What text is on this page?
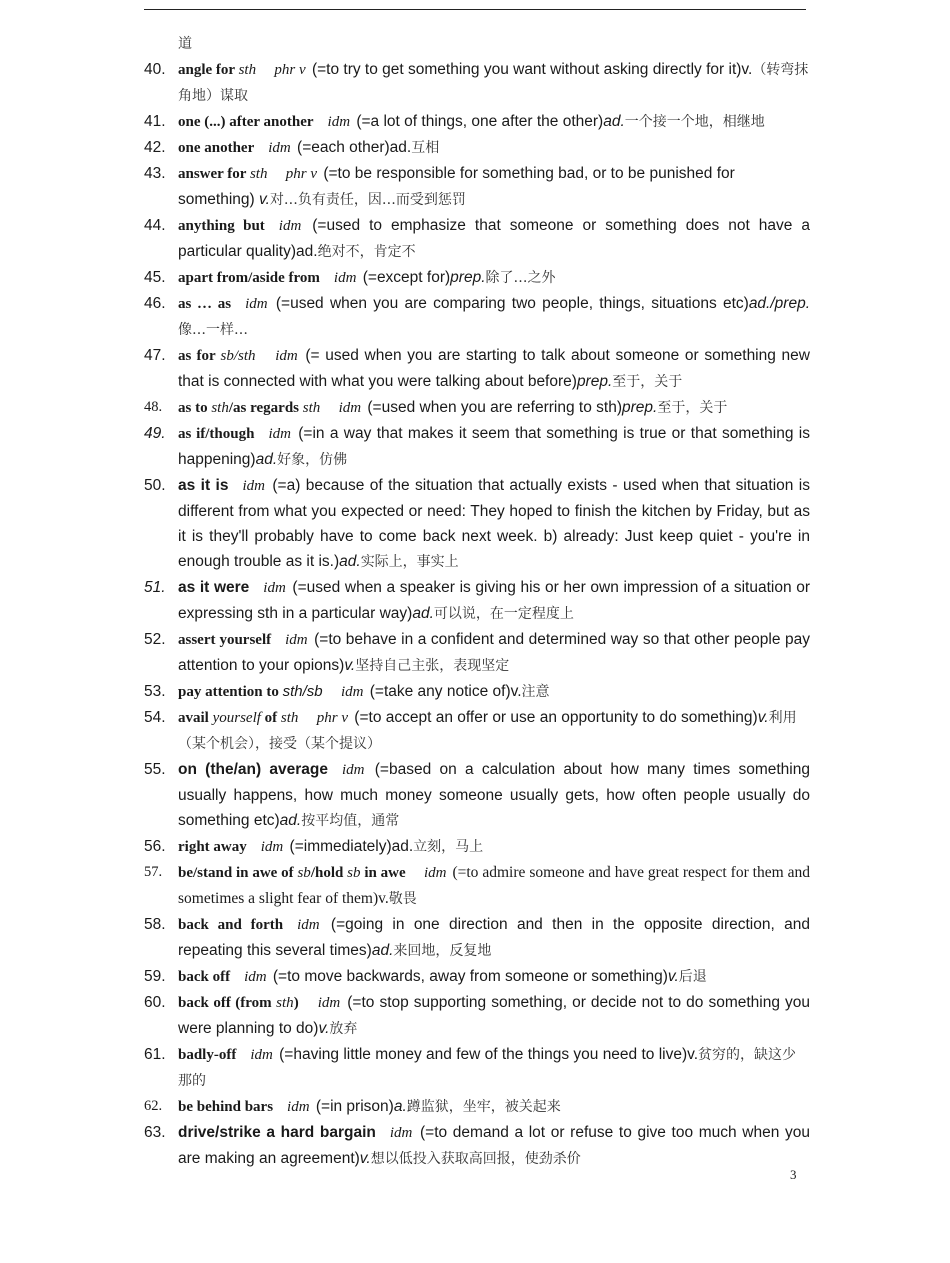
道
40. angle for sth phr v (=to try to get something you want without asking directly for it)v.（转弯抹角地）谋取
41. one (...) after another idm (=a lot of things, one after the other)ad.一个接一个地，相继地
42. one another idm (=each other)ad.互相
43. answer for sth phr v (=to be responsible for something bad, or to be punished for something) v.对…负有责任，因…而受到惩罚
44. anything but idm (=used to emphasize that someone or something does not have a particular quality)ad.绝对不，肯定不
45. apart from/aside from idm (=except for)prep.除了…之外
46. as … as idm (=used when you are comparing two people, things, situations etc)ad./prep.像…一样…
47. as for sb/sth idm (= used when you are starting to talk about someone or something new that is connected with what you were talking about before)prep.至于，关于
48.	as to sth/as regards sth idm (=used when you are referring to sth)prep.至于，关于
49. as if/though idm (=in a way that makes it seem that something is true or that something is happening)ad.好象，仿佛
50. as it is idm (=a) because of the situation that actually exists - used when that situation is different from what you expected or need: They hoped to finish the kitchen by Friday, but as it is they'll probably have to come back next week. b) already: Just keep quiet - you're in enough trouble as it is.)ad.实际上，事实上
51. as it were idm (=used when a speaker is giving his or her own impression of a situation or expressing sth in a particular way)ad.可以说，在一定程度上
52. assert yourself idm (=to behave in a confident and determined way so that other people pay attention to your opions)v.坚持自己主张，表现坚定
53. pay attention to sth/sb idm (=take any notice of)v.注意
54. avail yourself of sth phr v (=to accept an offer or use an opportunity to do something)v.利用（某个机会），接受（某个提议）
55. on (the/an) average idm (=based on a calculation about how many times something usually happens, how much money someone usually gets, how often people usually do something etc)ad.按平均值，通常
56. right away idm (=immediately)ad.立刻，马上
57.	be/stand in awe of sb/hold sb in awe idm (=to admire someone and have great respect for them and sometimes a slight fear of them)v.敬畏
58. back and forth idm (=going in one direction and then in the opposite direction, and repeating this several times)ad.来回地，反复地
59. back off idm (=to move backwards, away from someone or something)v.后退
60. back off (from sth) idm (=to stop supporting something, or decide not to do something you were planning to do)v.放弃
61. badly-off idm (=having little money and few of the things you need to live)v.贫穷的，缺这少那的
62.	be behind bars idm (=in prison)a.蹲监狱，坐牢，被关起来
63. drive/strike a hard bargain idm (=to demand a lot or refuse to give too much when you are making an agreement)v.想以低投入获取高回报，使劲杀价
3
